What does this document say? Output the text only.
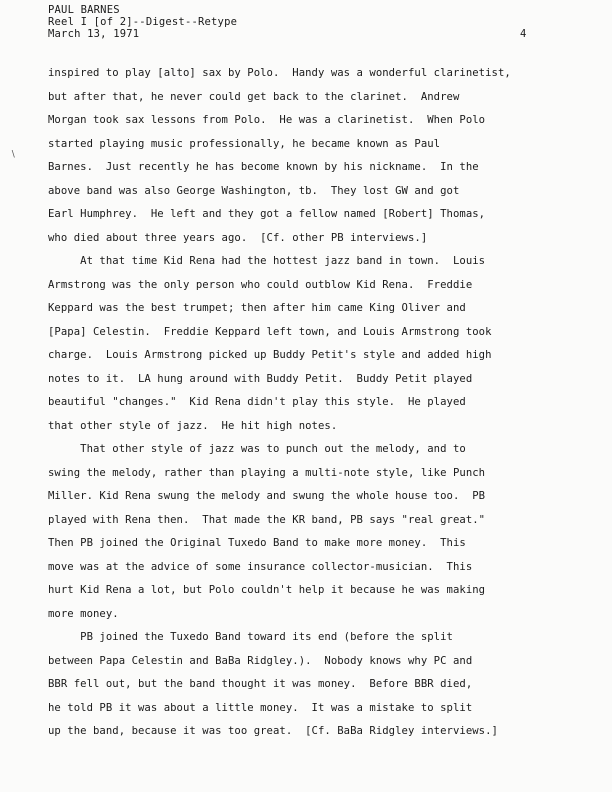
PAUL BARNES
Reel I [of 2]--Digest--Retype
March 13, 1971	4
∖
inspired to play [alto] sax by Polo.  Handy was a wonderful clarinetist,
but after that, he never could get back to the clarinet.  Andrew
Morgan took sax lessons from Polo.  He was a clarinetist.  When Polo
started playing music professionally, he became known as Paul
Barnes.  Just recently he has become known by his nickname.  In the
above band was also George Washington, tb.  They lost GW and got
Earl Humphrey.  He left and they got a fellow named [Robert] Thomas,
who died about three years ago.  [Cf. other PB interviews.]
At that time Kid Rena had the hottest jazz band in town.  Louis
Armstrong was the only person who could outblow Kid Rena.  Freddie
Keppard was the best trumpet; then after him came King Oliver and
[Papa] Celestin.  Freddie Keppard left town, and Louis Armstrong took
charge.  Louis Armstrong picked up Buddy Petit's style and added high
notes to it.  LA hung around with Buddy Petit.  Buddy Petit played
beautiful "changes."  Kid Rena didn't play this style.  He played
that other style of jazz.  He hit high notes.
That other style of jazz was to punch out the melody, and to
swing the melody, rather than playing a multi-note style, like Punch
Miller. Kid Rena swung the melody and swung the whole house too.  PB
played with Rena then.  That made the KR band, PB says "real great."
Then PB joined the Original Tuxedo Band to make more money.  This
move was at the advice of some insurance collector-musician.  This
hurt Kid Rena a lot, but Polo couldn't help it because he was making
more money.
PB joined the Tuxedo Band toward its end (before the split
between Papa Celestin and BaBa Ridgley.).  Nobody knows why PC and
BBR fell out, but the band thought it was money.  Before BBR died,
he told PB it was about a little money.  It was a mistake to split
up the band, because it was too great.  [Cf. BaBa Ridgley interviews.]
